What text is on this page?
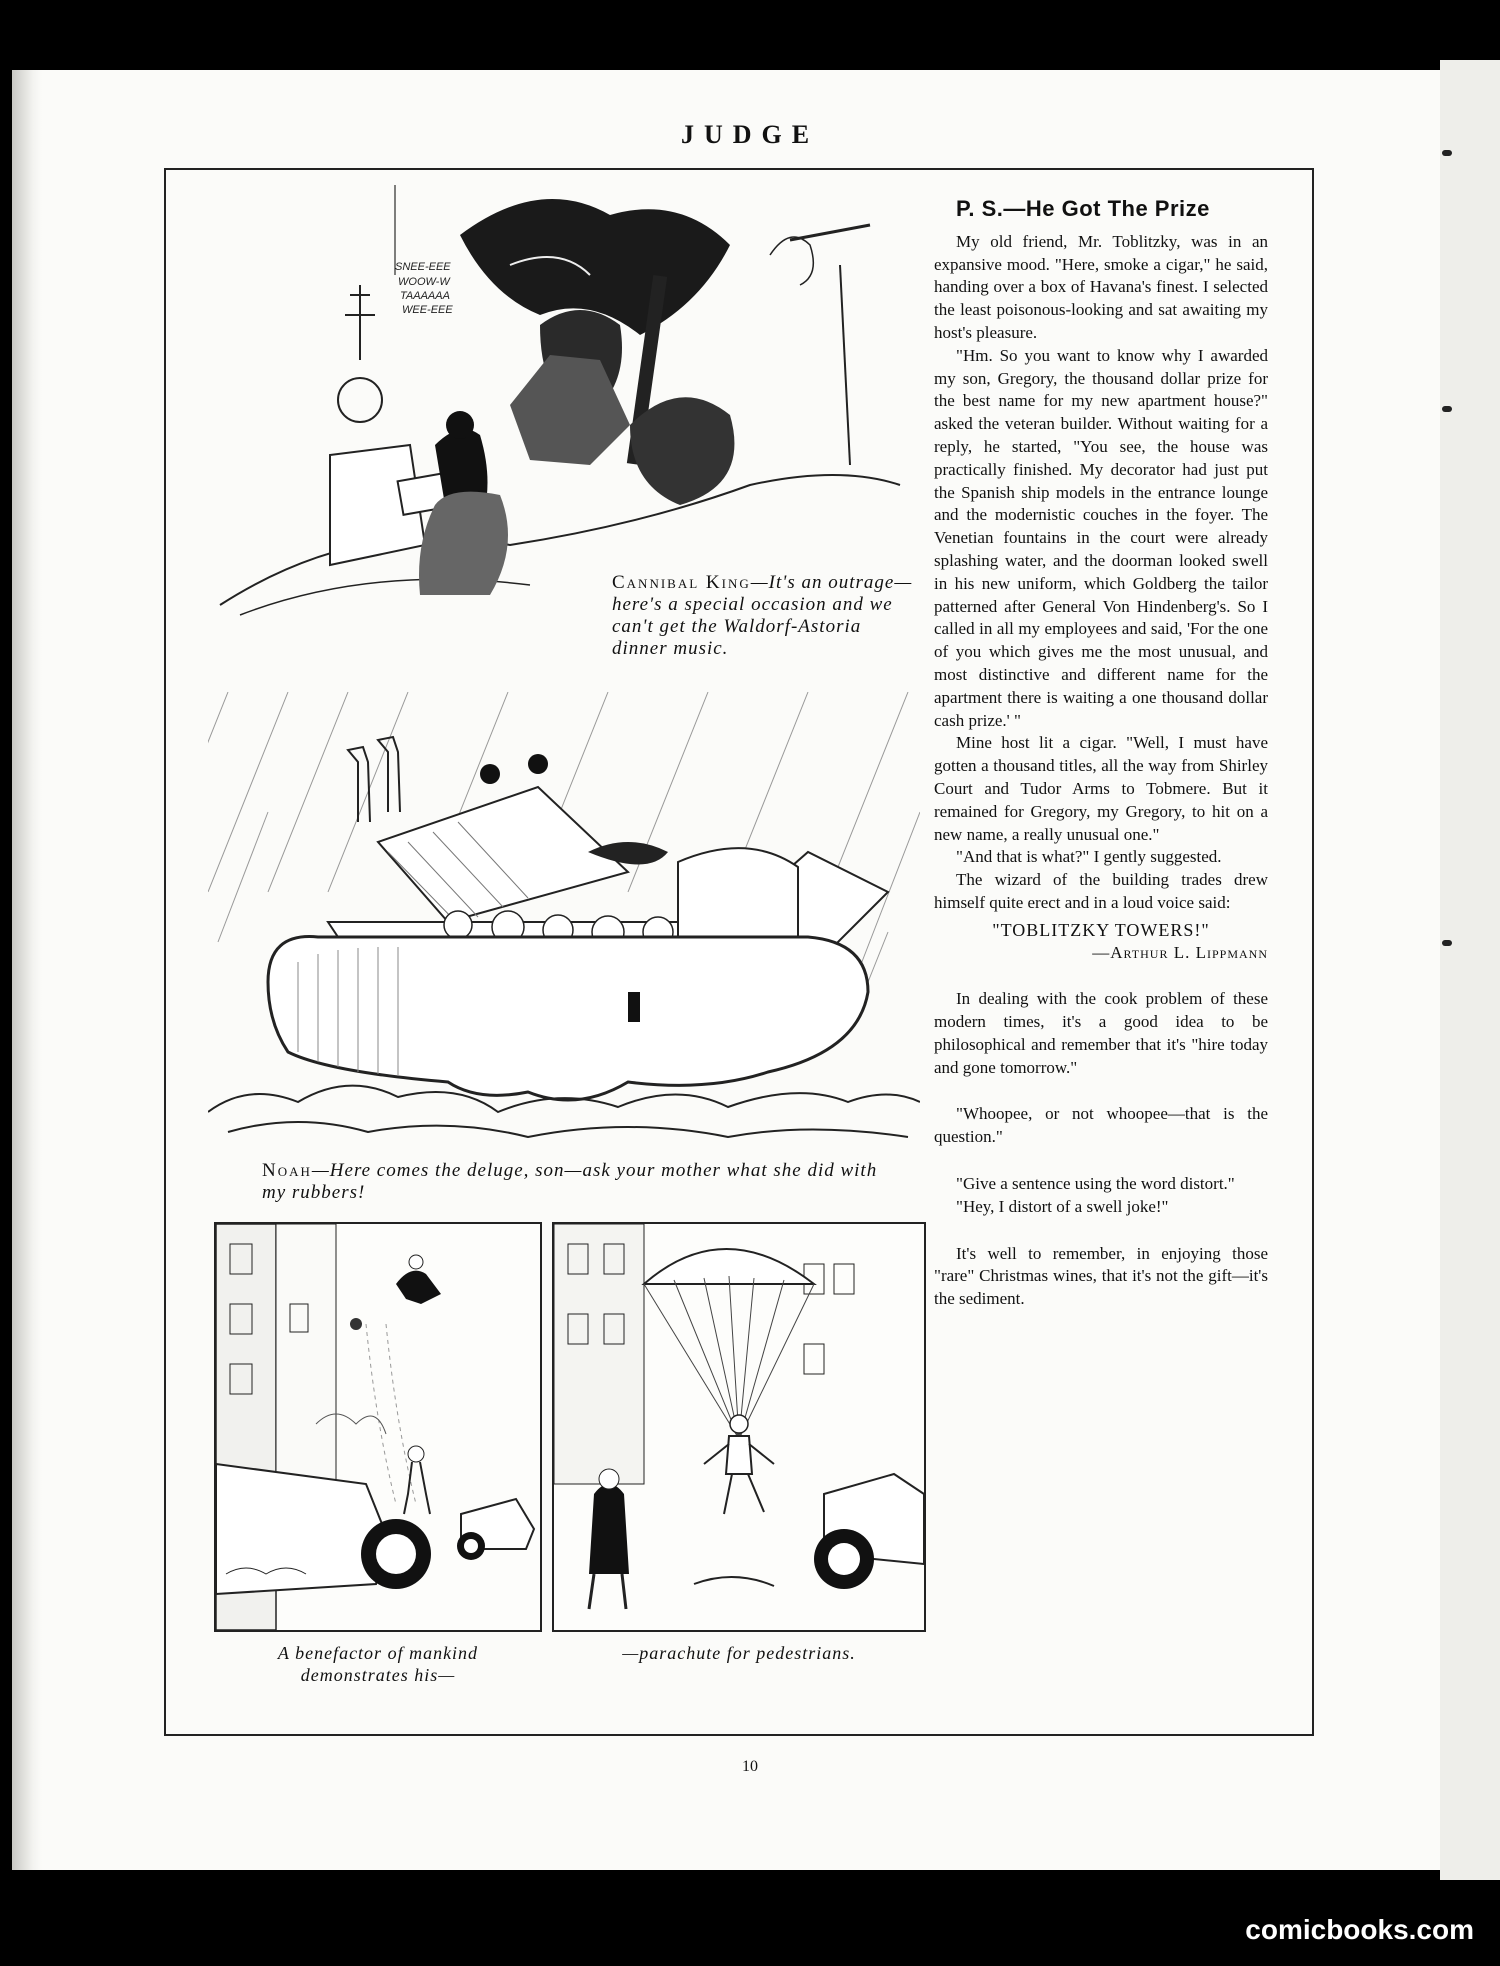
JUDGE
SNEE-EEE
WOOW-W
TAAAAAA
WEE-EEE
Cannibal King—It's an outrage—here's a special occasion and we can't get the Waldorf-Astoria dinner music.
Noah—Here comes the deluge, son—ask your mother what she did with my rubbers!
A benefactor of mankind
demonstrates his—
—parachute for pedestrians.
P. S.—He Got The Prize

My old friend, Mr. Toblitzky, was in an expansive mood. "Here, smoke a cigar," he said, handing over a box of Havana's finest. I selected the least poisonous-looking and sat awaiting my host's pleasure.

"Hm. So you want to know why I awarded my son, Gregory, the thousand dollar prize for the best name for my new apartment house?" asked the veteran builder. Without waiting for a reply, he started, "You see, the house was practically finished. My decorator had just put the Spanish ship models in the entrance lounge and the modernistic couches in the foyer. The Venetian fountains in the court were already splashing water, and the doorman looked swell in his new uniform, which Goldberg the tailor patterned after General Von Hindenberg's. So I called in all my employees and said, 'For the one of you which gives me the most unusual, and most distinctive and different name for the apartment there is waiting a one thousand dollar cash prize.' "

Mine host lit a cigar. "Well, I must have gotten a thousand titles, all the way from Shirley Court and Tudor Arms to Tobmere. But it remained for Gregory, my Gregory, to hit on a new name, a really unusual one."

"And that is what?" I gently suggested.

The wizard of the building trades drew himself quite erect and in a loud voice said:

"TOBLITZKY TOWERS!"

—Arthur L. Lippmann

In dealing with the cook problem of these modern times, it's a good idea to be philosophical and remember that it's "hire today and gone tomorrow."

"Whoopee, or not whoopee—that is the question."

"Give a sentence using the word distort."

"Hey, I distort of a swell joke!"

It's well to remember, in enjoying those "rare" Christmas wines, that it's not the gift—it's the sediment.

10
comicbooks.com
